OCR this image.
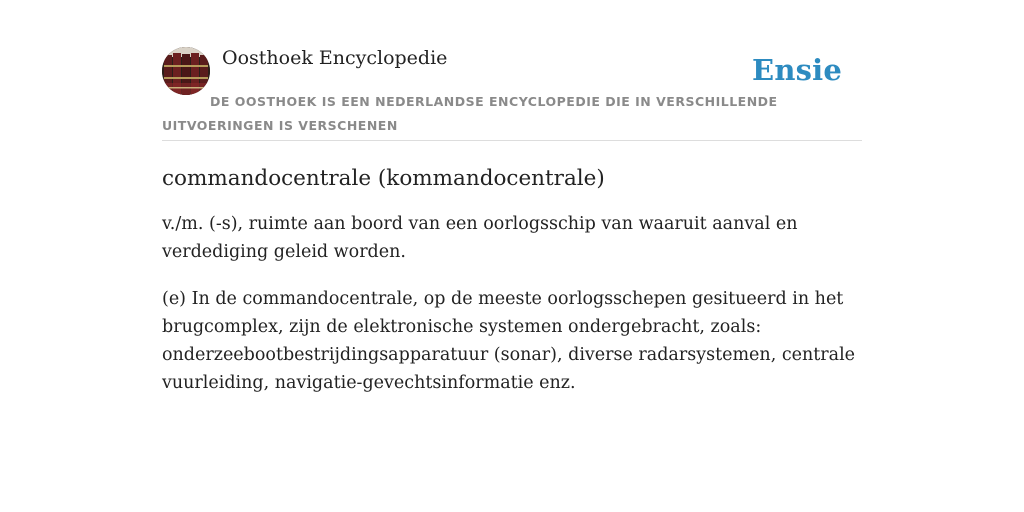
Oosthoek Encyclopedie	Ensie
DE OOSTHOEK IS EEN NEDERLANDSE ENCYCLOPEDIE DIE IN VERSCHILLENDE UITVOERINGEN IS VERSCHENEN
commandocentrale (kommandocentrale)

v./m. (-s), ruimte aan boord van een oorlogsschip van waaruit aanval en verdediging geleid worden.

(e) In de commandocentrale, op de meeste oorlogsschepen gesitueerd in het brugcomplex, zijn de elektronische systemen ondergebracht, zoals: onderzeebootbestrijdingsapparatuur (sonar), diverse radarsystemen, centrale vuurleiding, navigatie-gevechtsinformatie enz.
